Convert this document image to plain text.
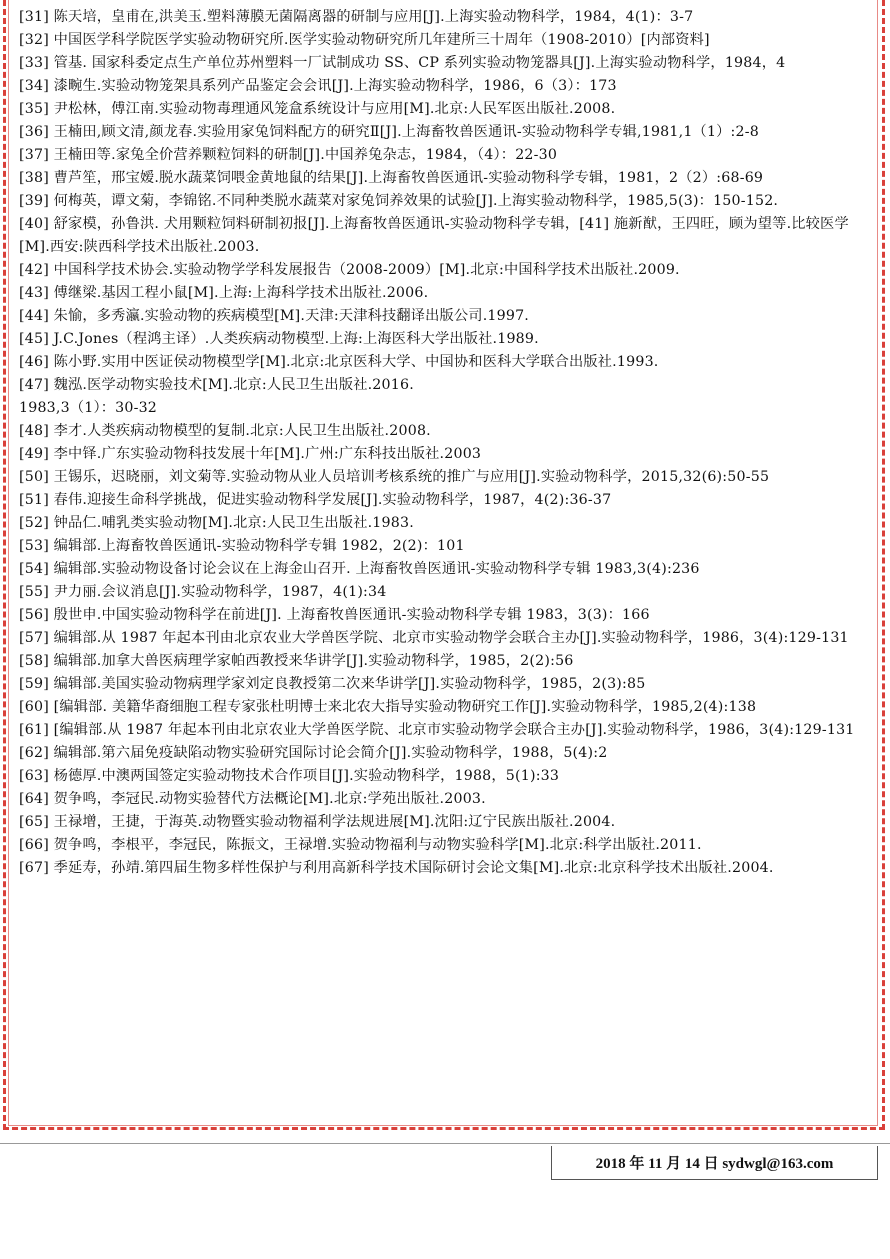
[31] 陈天培，皇甫在,洪美玉.塑料薄膜无菌隔离器的研制与应用[J].上海实验动物科学，1984，4(1)：3-7
[32] 中国医学科学院医学实验动物研究所.医学实验动物研究所几年建所三十周年（1908-2010）[内部资料]
[33] 管基. 国家科委定点生产单位苏州塑料一厂试制成功 SS、CP 系列实验动物笼器具[J].上海实验动物科学，1984，4
[34] 漆畹生.实验动物笼架具系列产品鉴定会会讯[J].上海实验动物科学，1986，6（3）：173
[35] 尹松林，傅江南.实验动物毒理通风笼盒系统设计与应用[M].北京:人民军医出版社.2008.
[36] 王楠田,顾文清,颜龙春.实验用家兔饲料配方的研究Ⅱ[J].上海畜牧兽医通讯-实验动物科学专辑,1981,1（1）:2-8
[37] 王楠田等.家兔全价营养颗粒饲料的研制[J].中国养兔杂志，1984，（4）：22-30
[38] 曹芦笙，邢宝嫒.脱水蔬菜饲喂金黄地鼠的结果[J].上海畜牧兽医通讯-实验动物科学专辑，1981，2（2）:68-69
[39] 何梅英，谭文菊，李锦铭.不同种类脱水蔬菜对家兔饲养效果的试验[J].上海实验动物科学，1985,5(3)：150-152.
[40] 舒家模，孙鲁洪. 犬用颗粒饲料研制初报[J].上海畜牧兽医通讯-实验动物科学专辑，[41] 施新猷，王四旺，顾为望等.比较医学[M].西安:陕西科学技术出版社.2003.
[42] 中国科学技术协会.实验动物学学科发展报告（2008-2009）[M].北京:中国科学技术出版社.2009.
[43] 傅继梁.基因工程小鼠[M].上海:上海科学技术出版社.2006.
[44] 朱愉，多秀瀛.实验动物的疾病模型[M].天津:天津科技翻译出版公司.1997.
[45] J.C.Jones（程鸿主译）.人类疾病动物模型.上海:上海医科大学出版社.1989.
[46] 陈小野.实用中医证侯动物模型学[M].北京:北京医科大学、中国协和医科大学联合出版社.1993.
[47] 魏泓.医学动物实验技术[M].北京:人民卫生出版社.2016.
1983,3（1）：30-32
[48] 李才.人类疾病动物模型的复制.北京:人民卫生出版社.2008.
[49] 李中铎.广东实验动物科技发展十年[M].广州:广东科技出版社.2003
[50] 王锡乐，迟晓丽，刘文菊等.实验动物从业人员培训考核系统的推广与应用[J].实验动物科学，2015,32(6):50-55
[51] 春伟.迎接生命科学挑战，促进实验动物科学发展[J].实验动物科学，1987，4(2):36-37
[52] 钟品仁.哺乳类实验动物[M].北京:人民卫生出版社.1983.
[53] 编辑部.上海畜牧兽医通讯-实验动物科学专辑 1982，2(2)：101
[54] 编辑部.实验动物设备讨论会议在上海金山召开. 上海畜牧兽医通讯-实验动物科学专辑 1983,3(4):236
[55] 尹力丽.会议消息[J].实验动物科学，1987，4(1):34
[56] 殷世申.中国实验动物科学在前进[J]. 上海畜牧兽医通讯-实验动物科学专辑 1983，3(3)：166
[57] 编辑部.从 1987 年起本刊由北京农业大学兽医学院、北京市实验动物学会联合主办[J].实验动物科学，1986，3(4):129-131
[58] 编辑部.加拿大兽医病理学家帕西教授来华讲学[J].实验动物科学，1985，2(2):56
[59] 编辑部.美国实验动物病理学家刘定良教授第二次来华讲学[J].实验动物科学，1985，2(3):85
[60] [编辑部. 美籍华裔细胞工程专家张杜明博士来北农大指导实验动物研究工作[J].实验动物科学，1985,2(4):138
[61] [编辑部.从 1987 年起本刊由北京农业大学兽医学院、北京市实验动物学会联合主办[J].实验动物科学，1986，3(4):129-131
[62] 编辑部.第六届免疫缺陷动物实验研究国际讨论会简介[J].实验动物科学，1988，5(4):2
[63] 杨德厚.中澳两国签定实验动物技术合作项目[J].实验动物科学，1988，5(1):33
[64] 贺争鸣，李冠民.动物实验替代方法概论[M].北京:学苑出版社.2003.
[65] 王禄增，王捷，于海英.动物暨实验动物福利学法规进展[M].沈阳:辽宁民族出版社.2004.
[66] 贺争鸣，李根平，李冠民，陈振文，王禄增.实验动物福利与动物实验科学[M].北京:科学出版社.2011.
[67] 季延寿，孙靖.第四届生物多样性保护与利用高新科学技术国际研讨会论文集[M].北京:北京科学技术出版社.2004.
2018 年 11 月 14 日 sydwgl@163.com
